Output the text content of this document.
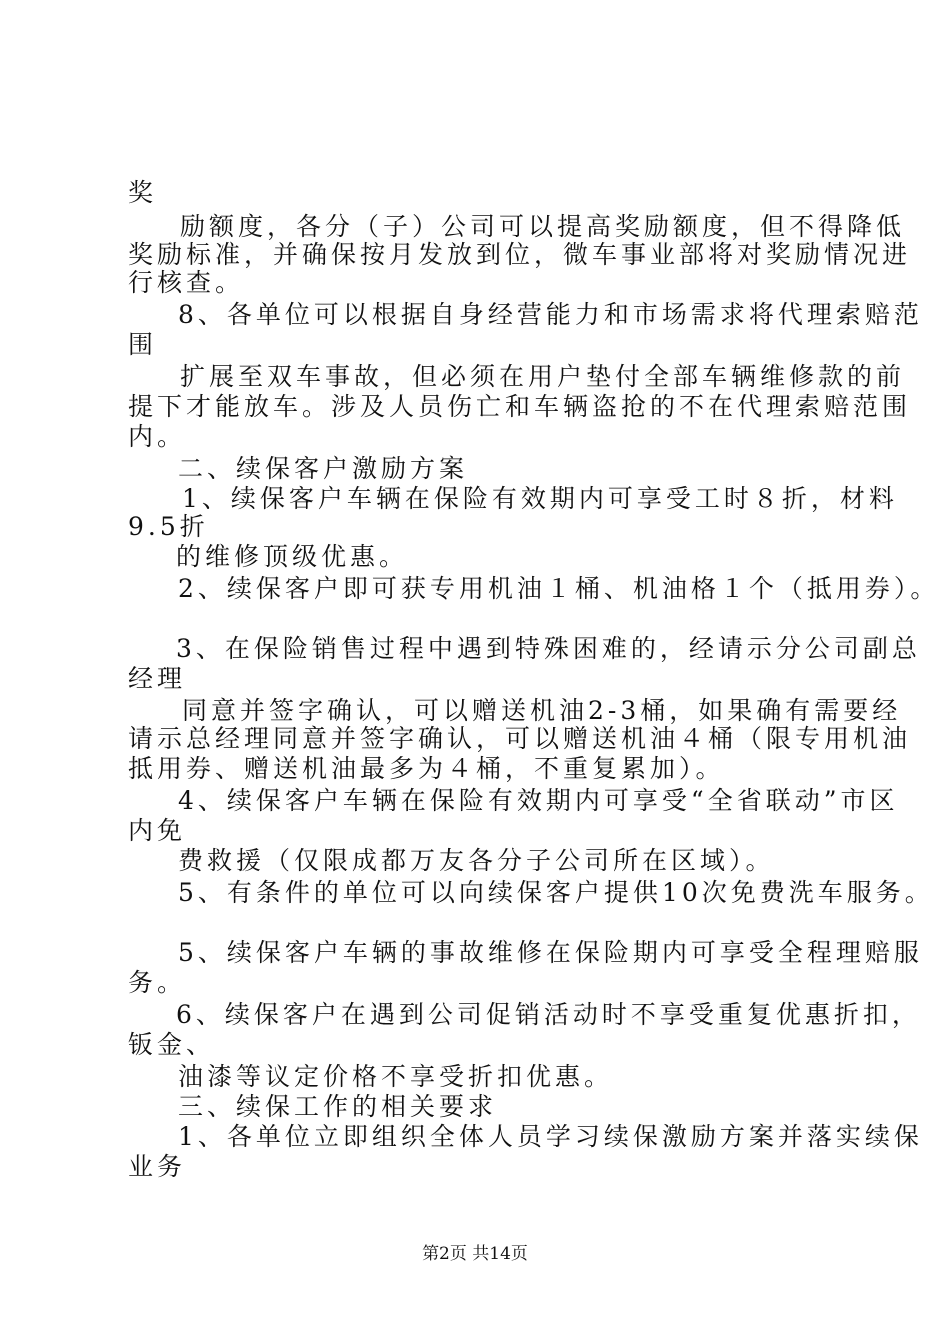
奖
励额度，各分（子）公司可以提高奖励额度，但不得降低
奖励标准，并确保按月发放到位，微车事业部将对奖励情况进
行核查。
8、各单位可以根据自身经营能力和市场需求将代理索赔范
围
扩展至双车事故，但必须在用户垫付全部车辆维修款的前
提下才能放车。涉及人员伤亡和车辆盗抢的不在代理索赔范围
内。
二、续保客户激励方案
1、续保客户车辆在保险有效期内可享受工时８折，材料
9.5折
的维修顶级优惠。
2、续保客户即可获专用机油１桶、机油格１个（抵用券）。
3、在保险销售过程中遇到特殊困难的，经请示分公司副总
经理
同意并签字确认，可以赠送机油2-3桶，如果确有需要经
请示总经理同意并签字确认，可以赠送机油４桶（限专用机油
抵用券、赠送机油最多为４桶，不重复累加）。
4、续保客户车辆在保险有效期内可享受“全省联动”市区
内免
费救援（仅限成都万友各分子公司所在区域）。
5、有条件的单位可以向续保客户提供10次免费洗车服务。
5、续保客户车辆的事故维修在保险期内可享受全程理赔服
务。
6、续保客户在遇到公司促销活动时不享受重复优惠折扣，
钣金、
油漆等议定价格不享受折扣优惠。
三、续保工作的相关要求
1、各单位立即组织全体人员学习续保激励方案并落实续保
业务
第2页 共14页
